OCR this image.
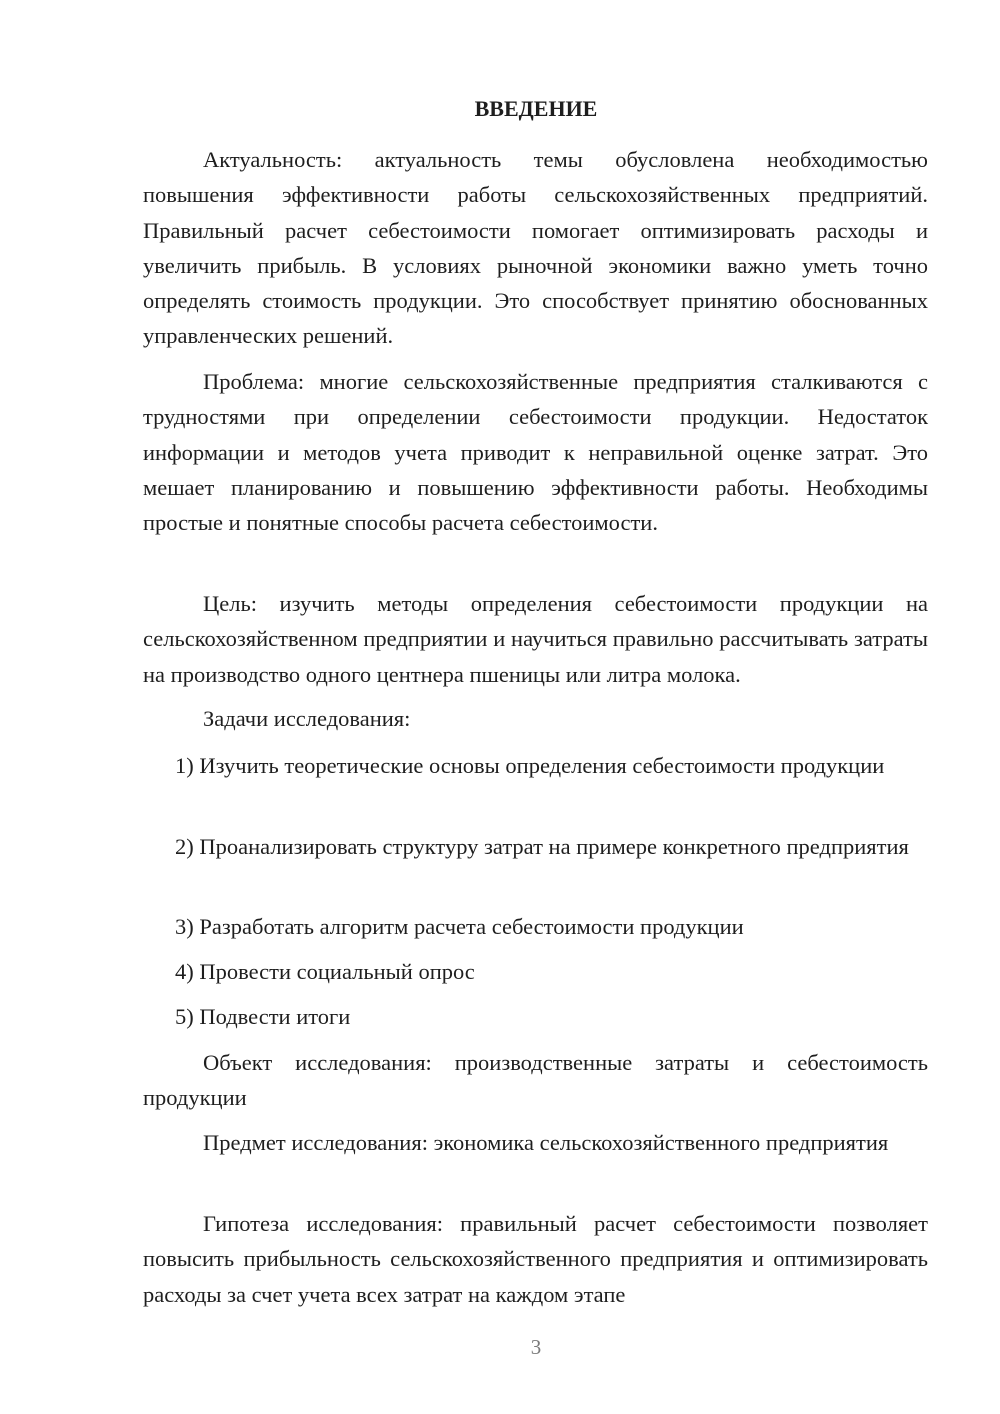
ВВЕДЕНИЕ

Актуальность: актуальность темы обусловлена необходимостью повышения эффективности работы сельскохозяйственных предприятий. Правильный расчет себестоимости помогает оптимизировать расходы и увеличить прибыль. В условиях рыночной экономики важно уметь точно определять стоимость продукции. Это способствует принятию обоснованных управленческих решений.

Проблема: многие сельскохозяйственные предприятия сталкиваются с трудностями при определении себестоимости продукции. Недостаток информации и методов учета приводит к неправильной оценке затрат. Это мешает планированию и повышению эффективности работы. Необходимы простые и понятные способы расчета себестоимости.

Цель: изучить методы определения себестоимости продукции на сельскохозяйственном предприятии и научиться правильно рассчитывать затраты на производство одного центнера пшеницы или литра молока.

Задачи исследования:

1) Изучить теоретические основы определения себестоимости продукции

2) Проанализировать структуру затрат на примере конкретного предприятия

3) Разработать алгоритм расчета себестоимости продукции

4) Провести социальный опрос

5) Подвести итоги

Объект исследования: производственные затраты и себестоимость продукции

Предмет исследования: экономика сельскохозяйственного предприятия

Гипотеза исследования: правильный расчет себестоимости позволяет повысить прибыльность сельскохозяйственного предприятия и оптимизировать расходы за счет учета всех затрат на каждом этапе

3
